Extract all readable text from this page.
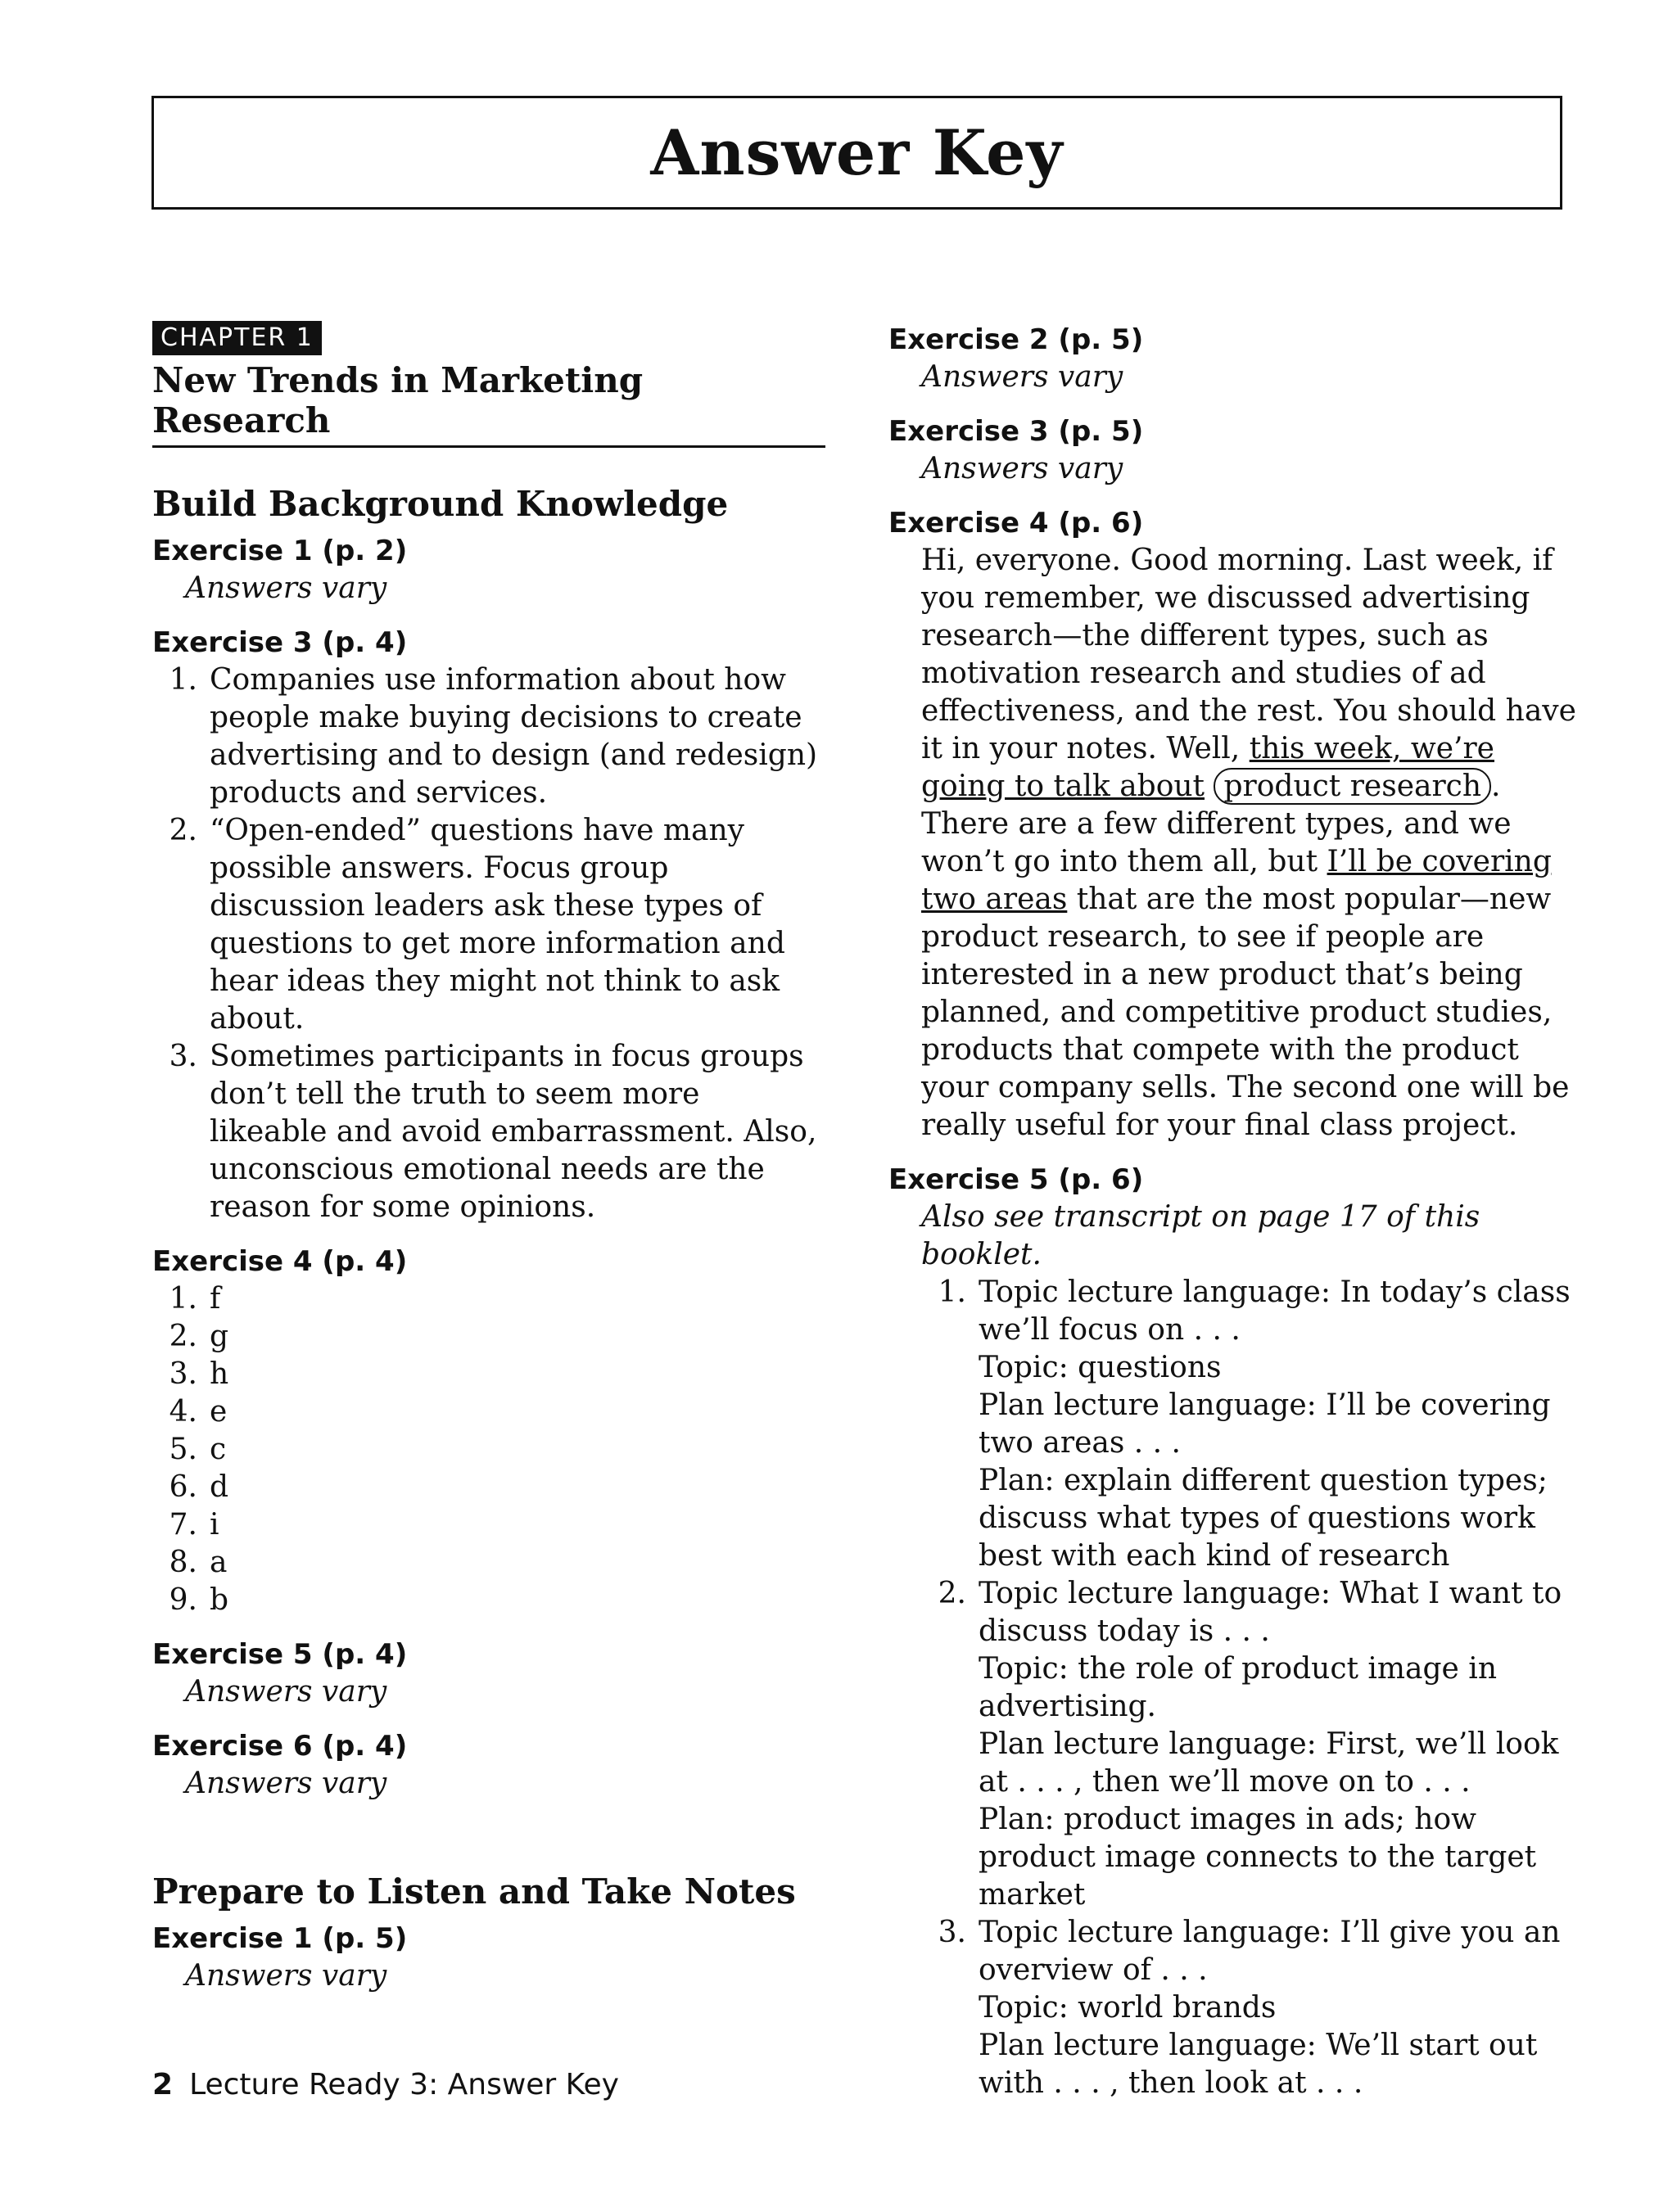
Answer Key
CHAPTER 1
New Trends in Marketing Research
Build Background Knowledge
Exercise 1 (p. 2)
Answers vary
Exercise 3 (p. 4)
1. Companies use information about how people make buying decisions to create advertising and to design (and redesign) products and services.
2. “Open-ended” questions have many possible answers. Focus group discussion leaders ask these types of questions to get more information and hear ideas they might not think to ask about.
3. Sometimes participants in focus groups don’t tell the truth to seem more likeable and avoid embarrassment. Also, unconscious emotional needs are the reason for some opinions.
Exercise 4 (p. 4)
1. f
2. g
3. h
4. e
5. c
6. d
7. i
8. a
9. b
Exercise 5 (p. 4)
Answers vary
Exercise 6 (p. 4)
Answers vary
Prepare to Listen and Take Notes
Exercise 1 (p. 5)
Answers vary
Exercise 2 (p. 5)
Answers vary
Exercise 3 (p. 5)
Answers vary
Exercise 4 (p. 6)
Hi, everyone. Good morning. Last week, if you remember, we discussed advertising research—the different types, such as motivation research and studies of ad effectiveness, and the rest. You should have it in your notes. Well, this week, we’re going to talk about product research . There are a few different types, and we won’t go into them all, but I’ll be covering two areas that are the most popular—new product research, to see if people are interested in a new product that’s being planned, and competitive product studies, products that compete with the product your company sells. The second one will be really useful for your final class project.
Exercise 5 (p. 6)
Also see transcript on page 17 of this booklet.
1. Topic lecture language: In today’s class we’ll focus on . . .
Topic: questions
Plan lecture language: I’ll be covering two areas . . .
Plan: explain different question types; discuss what types of questions work best with each kind of research
2. Topic lecture language: What I want to discuss today is . . .
Topic: the role of product image in advertising.
Plan lecture language: First, we’ll look at . . . , then we’ll move on to . . .
Plan: product images in ads; how product image connects to the target market
3. Topic lecture language: I’ll give you an overview of . . .
Topic: world brands
Plan lecture language: We’ll start out with . . . , then look at . . .
2 Lecture Ready 3: Answer Key
